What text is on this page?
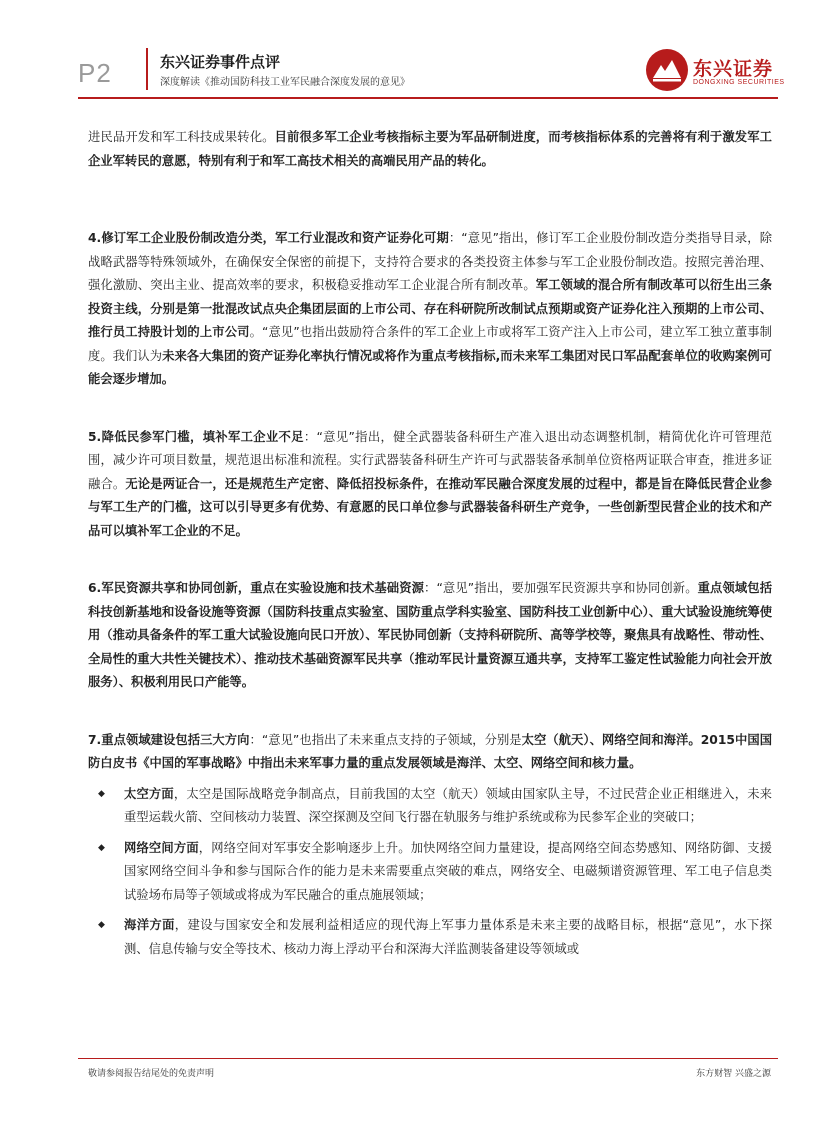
P2	东兴证券事件点评
深度解读《推动国防科技工业军民融合深度发展的意见》
东兴证券
DONGXING SECURITIES

进民品开发和军工科技成果转化。目前很多军工企业考核指标主要为军品研制进度，而考核指标体系的完善将有利于激发军工企业军转民的意愿，特别有利于和军工高技术相关的高端民用产品的转化。

4.修订军工企业股份制改造分类，军工行业混改和资产证券化可期：“意见”指出，修订军工企业股份制改造分类指导目录，除战略武器等特殊领域外，在确保安全保密的前提下，支持符合要求的各类投资主体参与军工企业股份制改造。按照完善治理、强化激励、突出主业、提高效率的要求，积极稳妥推动军工企业混合所有制改革。军工领域的混合所有制改革可以衍生出三条投资主线，分别是第一批混改试点央企集团层面的上市公司、存在科研院所改制试点预期或资产证券化注入预期的上市公司、推行员工持股计划的上市公司。“意见”也指出鼓励符合条件的军工企业上市或将军工资产注入上市公司，建立军工独立董事制度。我们认为未来各大集团的资产证券化率执行情况或将作为重点考核指标,而未来军工集团对民口军品配套单位的收购案例可能会逐步增加。

5.降低民参军门槛，填补军工企业不足：“意见”指出，健全武器装备科研生产准入退出动态调整机制，精简优化许可管理范围，减少许可项目数量，规范退出标准和流程。实行武器装备科研生产许可与武器装备承制单位资格两证联合审查，推进多证融合。无论是两证合一，还是规范生产定密、降低招投标条件，在推动军民融合深度发展的过程中，都是旨在降低民营企业参与军工生产的门槛，这可以引导更多有优势、有意愿的民口单位参与武器装备科研生产竞争，一些创新型民营企业的技术和产品可以填补军工企业的不足。

6.军民资源共享和协同创新，重点在实验设施和技术基础资源：“意见”指出，要加强军民资源共享和协同创新。重点领域包括科技创新基地和设备设施等资源（国防科技重点实验室、国防重点学科实验室、国防科技工业创新中心）、重大试验设施统筹使用（推动具备条件的军工重大试验设施向民口开放）、军民协同创新（支持科研院所、高等学校等，聚焦具有战略性、带动性、全局性的重大共性关键技术）、推动技术基础资源军民共享（推动军民计量资源互通共享，支持军工鉴定性试验能力向社会开放服务）、积极利用民口产能等。

7.重点领域建设包括三大方向：“意见”也指出了未来重点支持的子领域，分别是太空（航天）、网络空间和海洋。2015中国国防白皮书《中国的军事战略》中指出未来军事力量的重点发展领域是海洋、太空、网络空间和核力量。

◆ 太空方面，太空是国际战略竞争制高点，目前我国的太空（航天）领域由国家队主导，不过民营企业正相继进入，未来重型运载火箭、空间核动力装置、深空探测及空间飞行器在轨服务与维护系统或称为民参军企业的突破口；

◆ 网络空间方面，网络空间对军事安全影响逐步上升。加快网络空间力量建设，提高网络空间态势感知、网络防御、支援国家网络空间斗争和参与国际合作的能力是未来需要重点突破的难点，网络安全、电磁频谱资源管理、军工电子信息类试验场布局等子领域或将成为军民融合的重点施展领域；

◆ 海洋方面，建设与国家安全和发展利益相适应的现代海上军事力量体系是未来主要的战略目标，根据“意见”，水下探测、信息传输与安全等技术、核动力海上浮动平台和深海大洋监测装备建设等领域或

敬请参阅报告结尾处的免责声明	东方财智 兴盛之源
